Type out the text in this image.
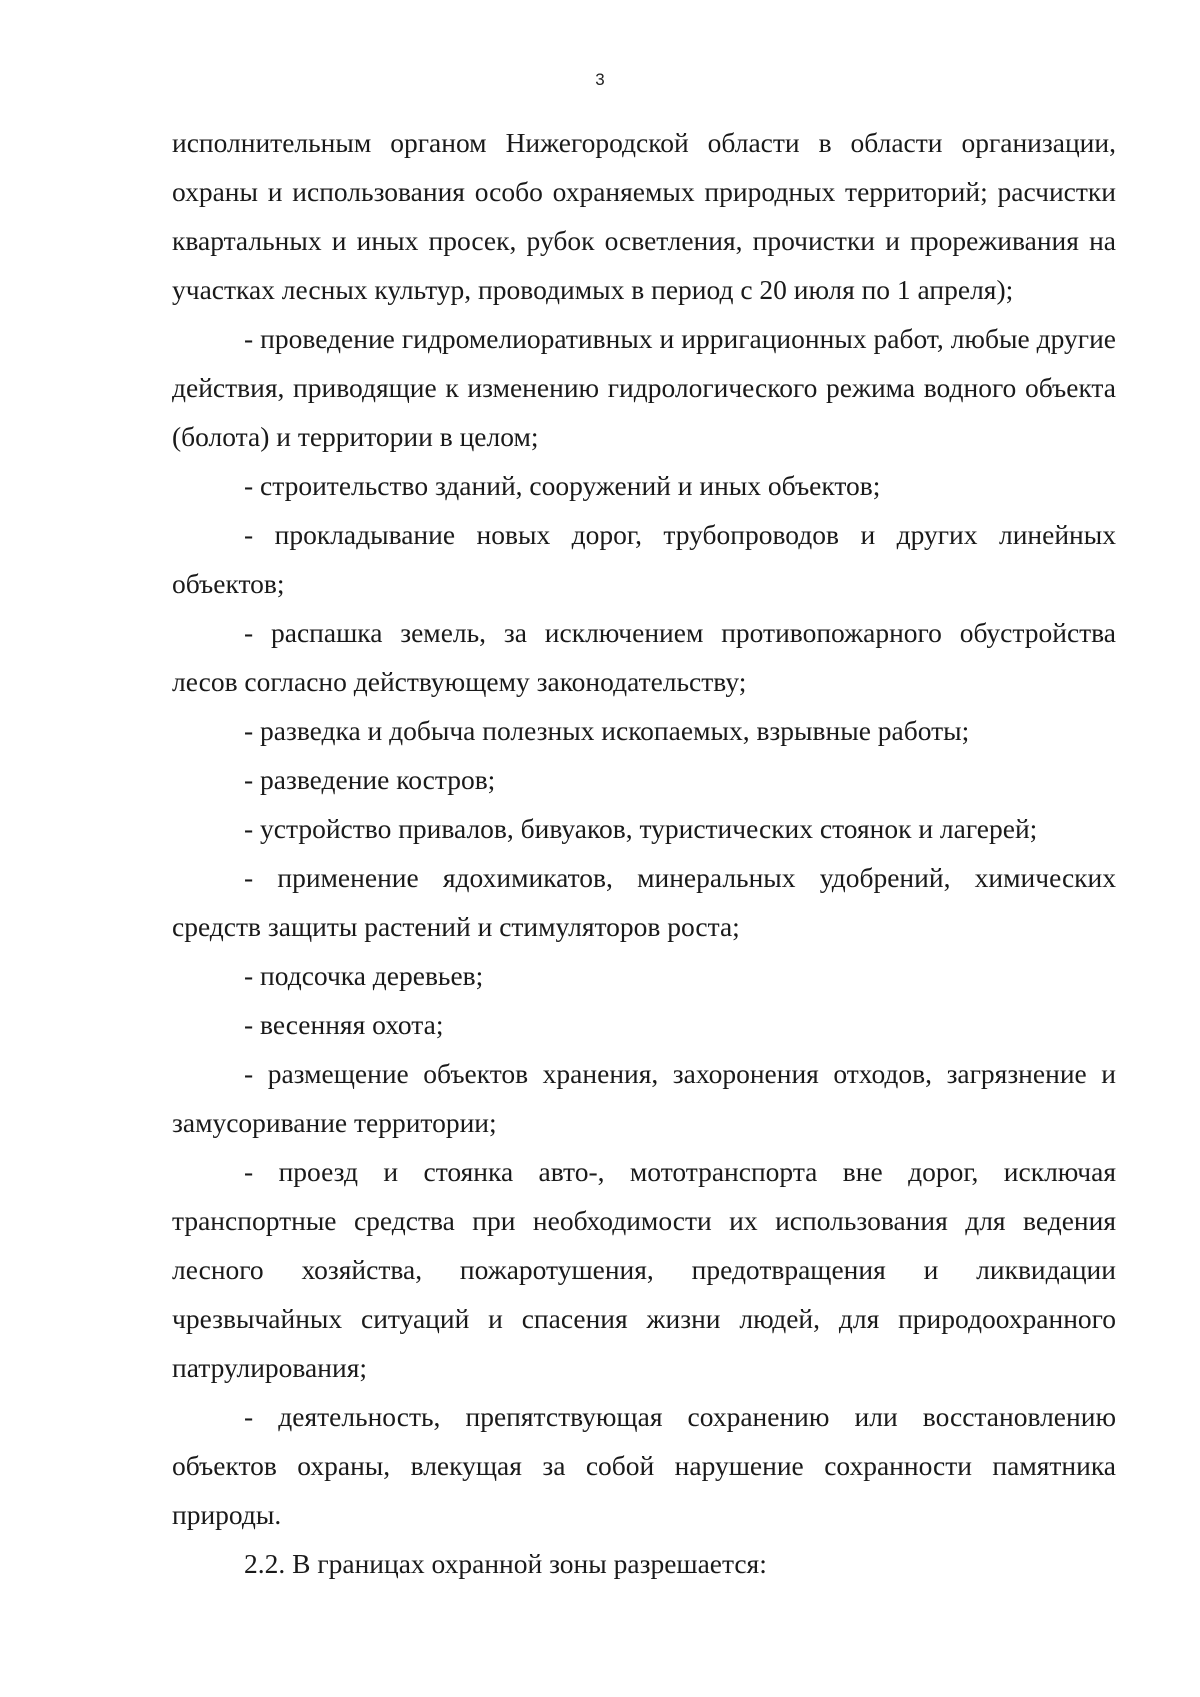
3

исполнительным органом Нижегородской области в области организации, охраны и использования особо охраняемых природных территорий; расчистки квартальных и иных просек, рубок осветления, прочистки и прореживания на участках лесных культур, проводимых в период с 20 июля по 1 апреля);

- проведение гидромелиоративных и ирригационных работ, любые другие действия, приводящие к изменению гидрологического режима водного объекта (болота) и территории в целом;

- строительство зданий, сооружений и иных объектов;

- прокладывание новых дорог, трубопроводов и других линейных объектов;

- распашка земель, за исключением противопожарного обустройства лесов согласно действующему законодательству;

- разведка и добыча полезных ископаемых, взрывные работы;

- разведение костров;

- устройство привалов, бивуаков, туристических стоянок и лагерей;

- применение ядохимикатов, минеральных удобрений, химических средств защиты растений и стимуляторов роста;

- подсочка деревьев;

- весенняя охота;

- размещение объектов хранения, захоронения отходов, загрязнение и замусоривание территории;

- проезд и стоянка авто-, мототранспорта вне дорог, исключая транспортные средства при необходимости их использования для ведения лесного хозяйства, пожаротушения, предотвращения и ликвидации чрезвычайных ситуаций и спасения жизни людей, для природоохранного патрулирования;

- деятельность, препятствующая сохранению или восстановлению объектов охраны, влекущая за собой нарушение сохранности памятника природы.

2.2. В границах охранной зоны разрешается:
